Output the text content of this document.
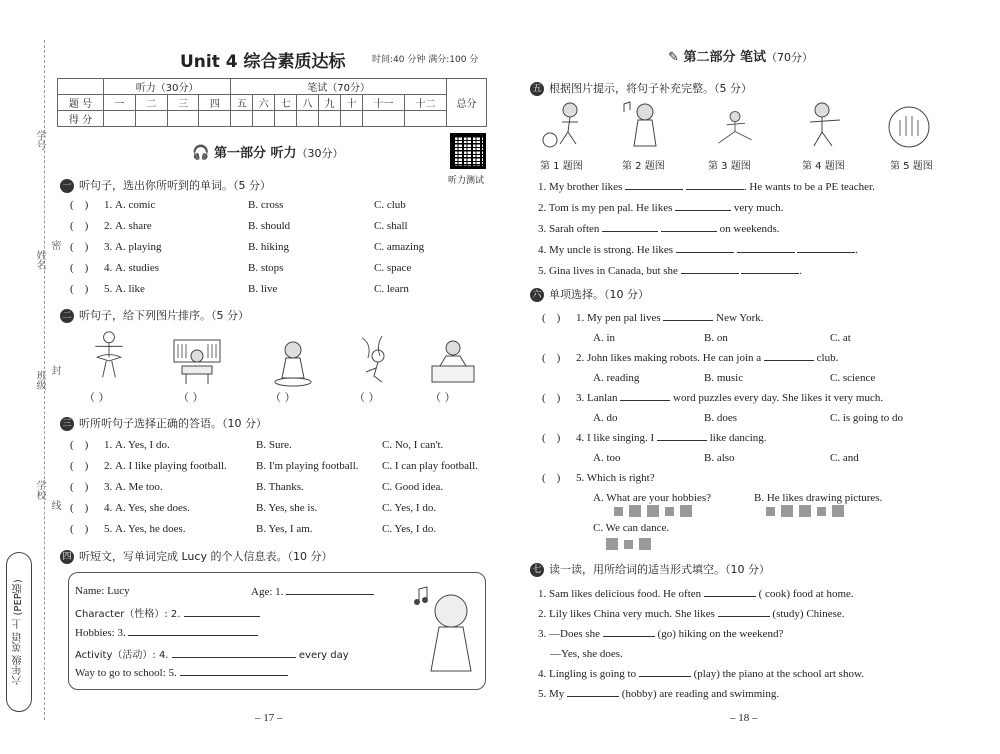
学号
姓名
密
班级 封
学校
线
六年级 英语 上 (PEP版)
Unit 4 综合素质达标	时间:40 分钟 满分:100 分
	听力（30分）				笔试（70分）								总分
题 号	一	二	三	四	五	六	七	八	九	十	十一	十二	
得 分													
🎧 第一部分 听力（30分）
听力测试
一 听句子，选出你所听到的单词。（5 分）
(    ) 1. A. comic	B. cross	C. club
(    ) 2. A. share	B. should	C. shall
(    ) 3. A. playing	B. hiking	C. amazing
(    ) 4. A. studies	B. stops	C. space
(    ) 5. A. like	B. live	C. learn
二 听句子，给下列图片排序。（5 分）
（ ）	（ ）	（ ）	（ ）	（ ）
三 听所听句子选择正确的答语。（10 分）
(    ) 1. A. Yes, I do.	B. Sure.	C. No, I can't.
(    ) 2. A. I like playing football.	B. I'm playing football. C. I can play football.
(    ) 3. A. Me too.	B. Thanks.	C. Good idea.
(    ) 4. A. Yes, she does.	B. Yes, she is.	C. Yes, I do.
(    ) 5. A. Yes, he does.	B. Yes, I am.	C. Yes, I do.
四 听短文，写单词完成 Lucy 的个人信息表。（10 分）
Name: Lucy	Age: 1.
Character（性格）: 2.
Hobbies: 3.
Activity（活动）: 4.	every day
Way to go to school: 5.
– 17 –
✎ 第二部分 笔试（70分）
五 根据图片提示，将句子补充完整。（5 分）
第 1 题图	第 2 题图	第 3 题图	第 4 题图	第 5 题图
1. My brother likes	. He wants to be a PE teacher.
2. Tom is my pen pal. He likes	very much.
3. Sarah often	on weekends.
4. My uncle is strong. He likes	.
5. Gina lives in Canada, but she	.
六 单项选择。（10 分）
(    ) 1. My pen pal lives	New York.
A. in	B. on	C. at
(    ) 2. John likes making robots. He can join a	club.
A. reading	B. music	C. science
(    ) 3. Lanlan	word puzzles every day. She likes it very much.
A. do	B. does	C. is going to do
(    ) 4. I like singing. I	like dancing.
A. too	B. also	C. and
(    ) 5. Which is right?
A. What are your hobbies?	B. He likes drawing pictures.
C. We can dance.
七 读一读，用所给词的适当形式填空。（10 分）
1. Sam likes delicious food. He often	( cook) food at home.
2. Lily likes China very much. She likes	(study) Chinese.
3. —Does she	(go) hiking on the weekend?
—Yes, she does.
4. Lingling is going to	(play) the piano at the school art show.
5. My	(hobby) are reading and swimming.
– 18 –
